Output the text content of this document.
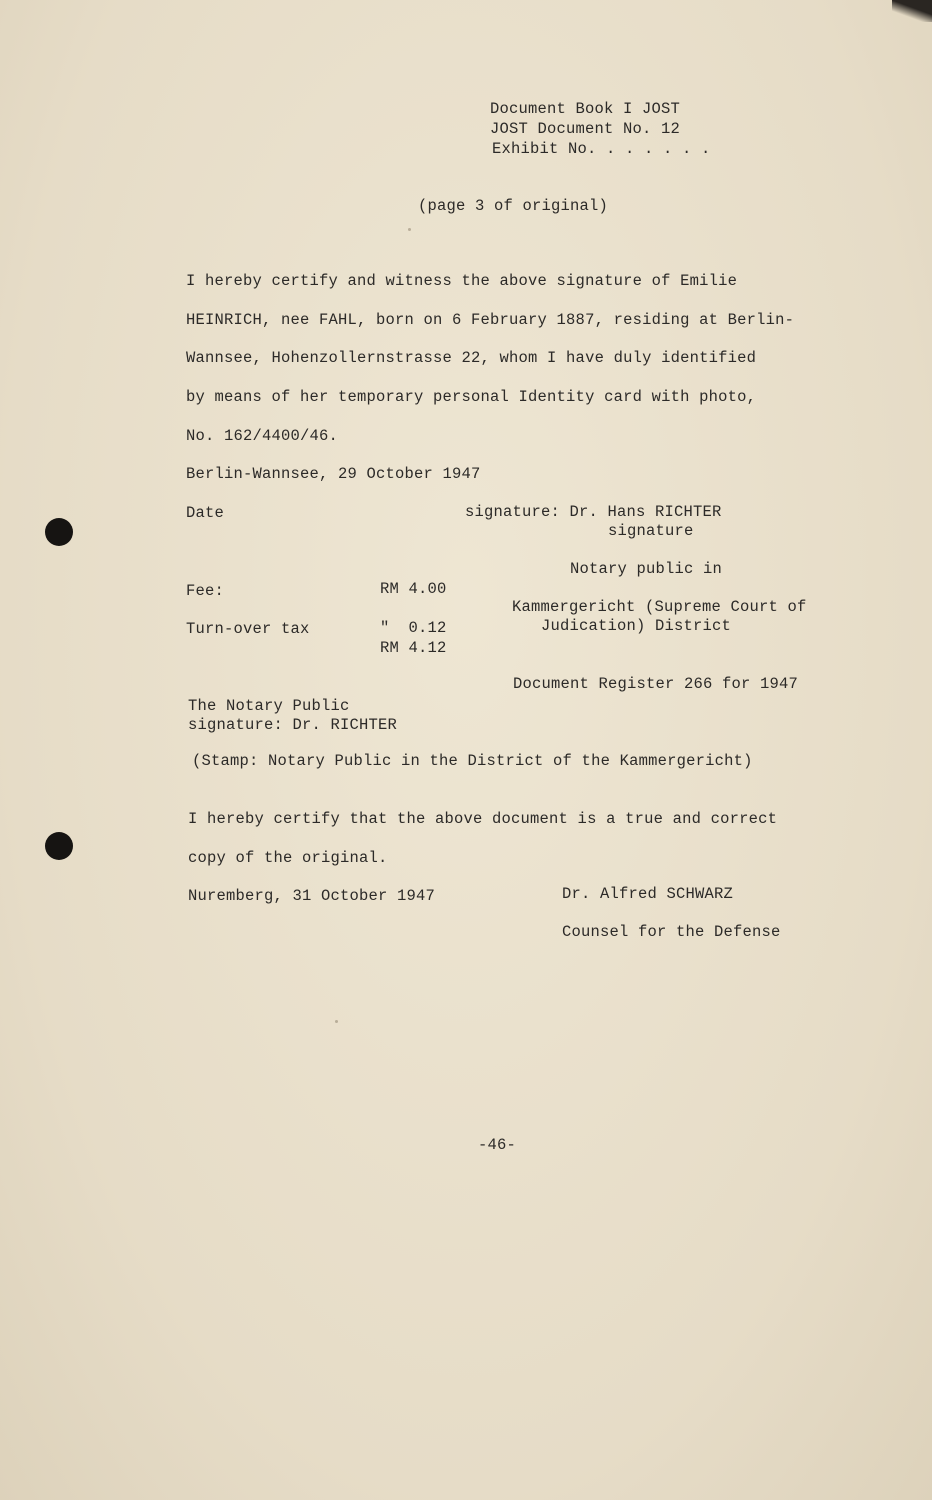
Document Book I JOST
JOST Document No. 12
Exhibit No. . . . . . .
(page 3 of original)
I hereby certify and witness the above signature of Emilie
HEINRICH, nee FAHL, born on 6 February 1887, residing at Berlin-
Wannsee, Hohenzollernstrasse 22, whom I have duly identified
by means of her temporary personal Identity card with photo,
No. 162/4400/46.
Berlin-Wannsee, 29 October 1947
Date	signature: Dr. Hans RICHTER
signature
Notary public in
Fee:	RM 4.00
Kammergericht (Supreme Court of
Judication) District
Turn-over tax	"  0.12
RM 4.12
Document Register 266 for 1947
The Notary Public
signature: Dr. RICHTER
(Stamp: Notary Public in the District of the Kammergericht)
I hereby certify that the above document is a true and correct
copy of the original.
Nuremberg, 31 October 1947	Dr. Alfred SCHWARZ
Counsel for the Defense
-46-
